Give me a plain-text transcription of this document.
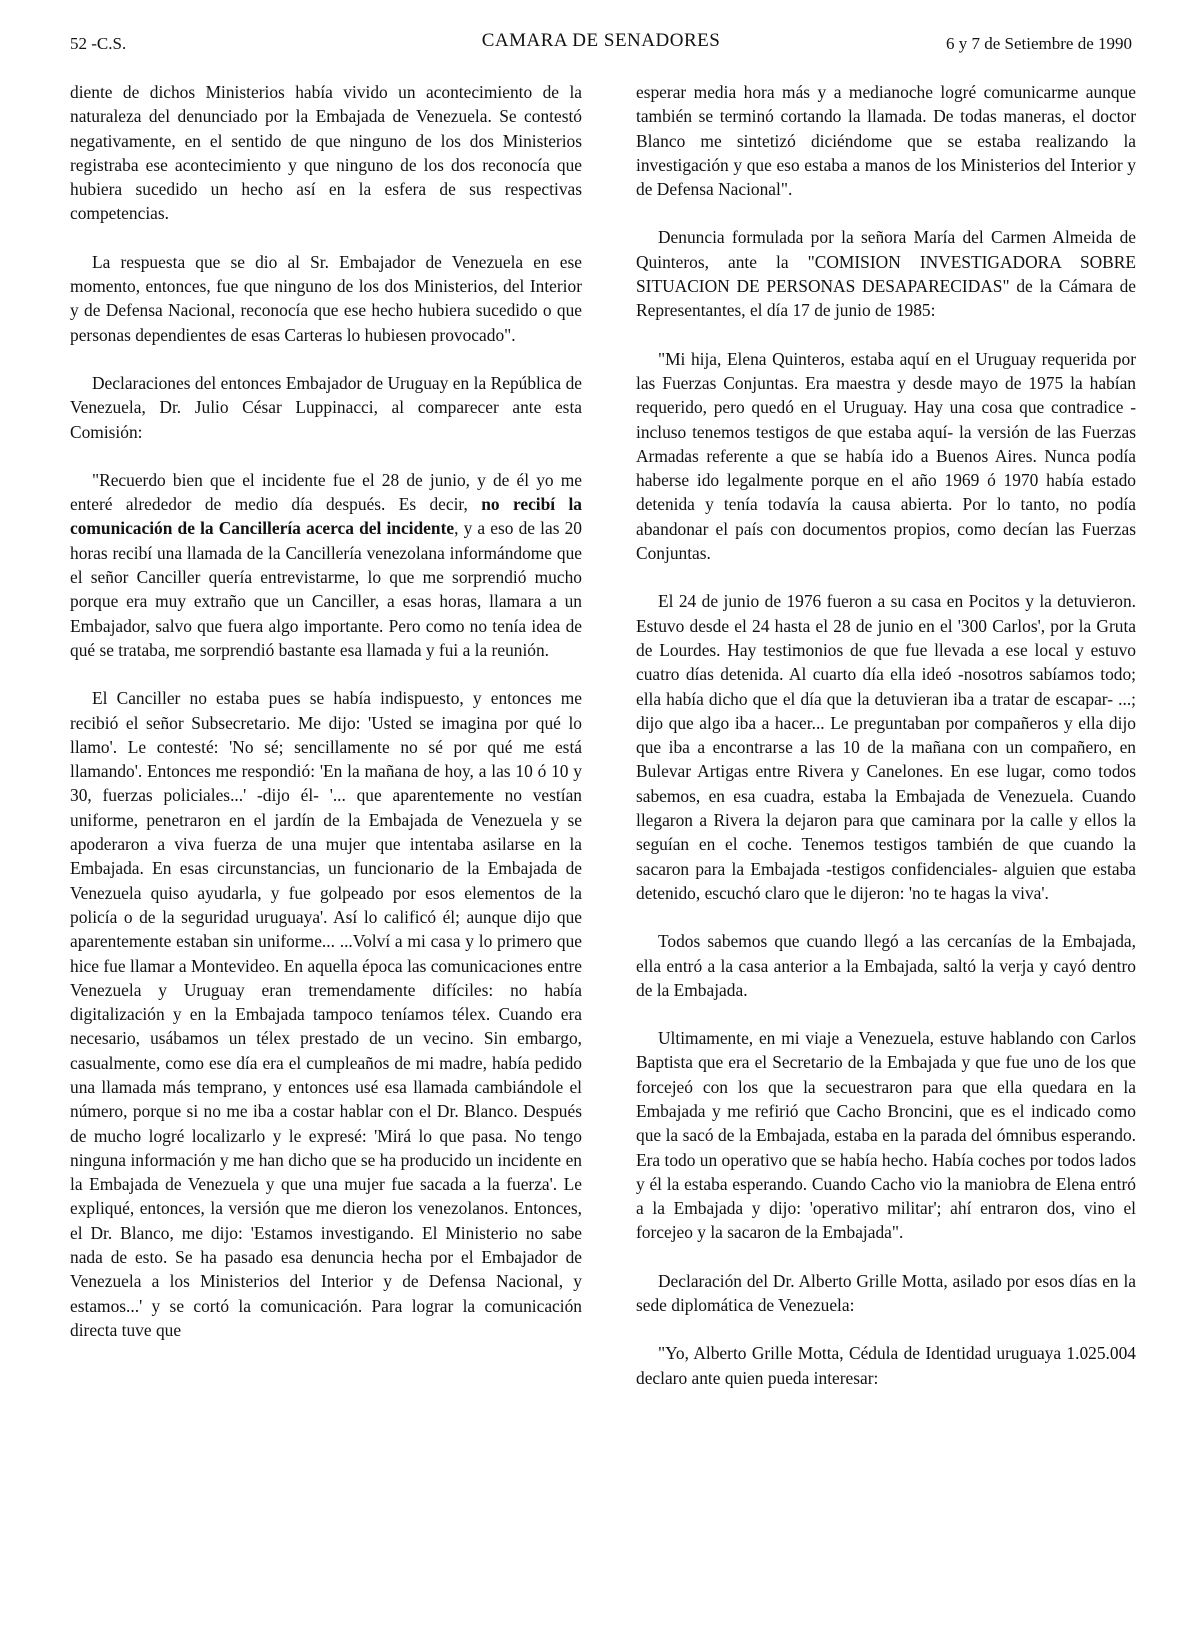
52 -C.S.	CAMARA DE SENADORES	6 y 7 de Setiembre de 1990

diente de dichos Ministerios había vivido un acontecimiento de la naturaleza del denunciado por la Embajada de Venezuela. Se contestó negativamente, en el sentido de que ninguno de los dos Ministerios registraba ese acontecimiento y que ninguno de los dos reconocía que hubiera sucedido un hecho así en la esfera de sus respectivas competencias.

La respuesta que se dio al Sr. Embajador de Venezuela en ese momento, entonces, fue que ninguno de los dos Ministerios, del Interior y de Defensa Nacional, reconocía que ese hecho hubiera sucedido o que personas dependientes de esas Carteras lo hubiesen provocado".

Declaraciones del entonces Embajador de Uruguay en la República de Venezuela, Dr. Julio César Luppinacci, al comparecer ante esta Comisión:

"Recuerdo bien que el incidente fue el 28 de junio, y de él yo me enteré alrededor de medio día después. Es decir, no recibí la comunicación de la Cancillería acerca del incidente, y a eso de las 20 horas recibí una llamada de la Cancillería venezolana informándome que el señor Canciller quería entrevistarme, lo que me sorprendió mucho porque era muy extraño que un Canciller, a esas horas, llamara a un Embajador, salvo que fuera algo importante. Pero como no tenía idea de qué se trataba, me sorprendió bastante esa llamada y fui a la reunión.

El Canciller no estaba pues se había indispuesto, y entonces me recibió el señor Subsecretario. Me dijo: 'Usted se imagina por qué lo llamo'. Le contesté: 'No sé; sencillamente no sé por qué me está llamando'. Entonces me respondió: 'En la mañana de hoy, a las 10 ó 10 y 30, fuerzas policiales...' -dijo él- '... que aparentemente no vestían uniforme, penetraron en el jardín de la Embajada de Venezuela y se apoderaron a viva fuerza de una mujer que intentaba asilarse en la Embajada. En esas circunstancias, un funcionario de la Embajada de Venezuela quiso ayudarla, y fue golpeado por esos elementos de la policía o de la seguridad uruguaya'. Así lo calificó él; aunque dijo que aparentemente estaban sin uniforme... ...Volví a mi casa y lo primero que hice fue llamar a Montevideo. En aquella época las comunicaciones entre Venezuela y Uruguay eran tremendamente difíciles: no había digitalización y en la Embajada tampoco teníamos télex. Cuando era necesario, usábamos un télex prestado de un vecino. Sin embargo, casualmente, como ese día era el cumpleaños de mi madre, había pedido una llamada más temprano, y entonces usé esa llamada cambiándole el número, porque si no me iba a costar hablar con el Dr. Blanco. Después de mucho logré localizarlo y le expresé: 'Mirá lo que pasa. No tengo ninguna información y me han dicho que se ha producido un incidente en la Embajada de Venezuela y que una mujer fue sacada a la fuerza'. Le expliqué, entonces, la versión que me dieron los venezolanos. Entonces, el Dr. Blanco, me dijo: 'Estamos investigando. El Ministerio no sabe nada de esto. Se ha pasado esa denuncia hecha por el Embajador de Venezuela a los Ministerios del Interior y de Defensa Nacional, y estamos...' y se cortó la comunicación. Para lograr la comunicación directa tuve que

esperar media hora más y a medianoche logré comunicarme aunque también se terminó cortando la llamada. De todas maneras, el doctor Blanco me sintetizó diciéndome que se estaba realizando la investigación y que eso estaba a manos de los Ministerios del Interior y de Defensa Nacional".

Denuncia formulada por la señora María del Carmen Almeida de Quinteros, ante la "COMISION INVESTIGADORA SOBRE SITUACION DE PERSONAS DESAPARECIDAS" de la Cámara de Representantes, el día 17 de junio de 1985:

"Mi hija, Elena Quinteros, estaba aquí en el Uruguay requerida por las Fuerzas Conjuntas. Era maestra y desde mayo de 1975 la habían requerido, pero quedó en el Uruguay. Hay una cosa que contradice -incluso tenemos testigos de que estaba aquí- la versión de las Fuerzas Armadas referente a que se había ido a Buenos Aires. Nunca podía haberse ido legalmente porque en el año 1969 ó 1970 había estado detenida y tenía todavía la causa abierta. Por lo tanto, no podía abandonar el país con documentos propios, como decían las Fuerzas Conjuntas.

El 24 de junio de 1976 fueron a su casa en Pocitos y la detuvieron. Estuvo desde el 24 hasta el 28 de junio en el '300 Carlos', por la Gruta de Lourdes. Hay testimonios de que fue llevada a ese local y estuvo cuatro días detenida. Al cuarto día ella ideó -nosotros sabíamos todo; ella había dicho que el día que la detuvieran iba a tratar de escapar- ...; dijo que algo iba a hacer... Le preguntaban por compañeros y ella dijo que iba a encontrarse a las 10 de la mañana con un compañero, en Bulevar Artigas entre Rivera y Canelones. En ese lugar, como todos sabemos, en esa cuadra, estaba la Embajada de Venezuela. Cuando llegaron a Rivera la dejaron para que caminara por la calle y ellos la seguían en el coche. Tenemos testigos también de que cuando la sacaron para la Embajada -testigos confidenciales- alguien que estaba detenido, escuchó claro que le dijeron: 'no te hagas la viva'.

Todos sabemos que cuando llegó a las cercanías de la Embajada, ella entró a la casa anterior a la Embajada, saltó la verja y cayó dentro de la Embajada.

Ultimamente, en mi viaje a Venezuela, estuve hablando con Carlos Baptista que era el Secretario de la Embajada y que fue uno de los que forcejeó con los que la secuestraron para que ella quedara en la Embajada y me refirió que Cacho Broncini, que es el indicado como que la sacó de la Embajada, estaba en la parada del ómnibus esperando. Era todo un operativo que se había hecho. Había coches por todos lados y él la estaba esperando. Cuando Cacho vio la maniobra de Elena entró a la Embajada y dijo: 'operativo militar'; ahí entraron dos, vino el forcejeo y la sacaron de la Embajada".

Declaración del Dr. Alberto Grille Motta, asilado por esos días en la sede diplomática de Venezuela:

"Yo, Alberto Grille Motta, Cédula de Identidad uruguaya 1.025.004 declaro ante quien pueda interesar:
